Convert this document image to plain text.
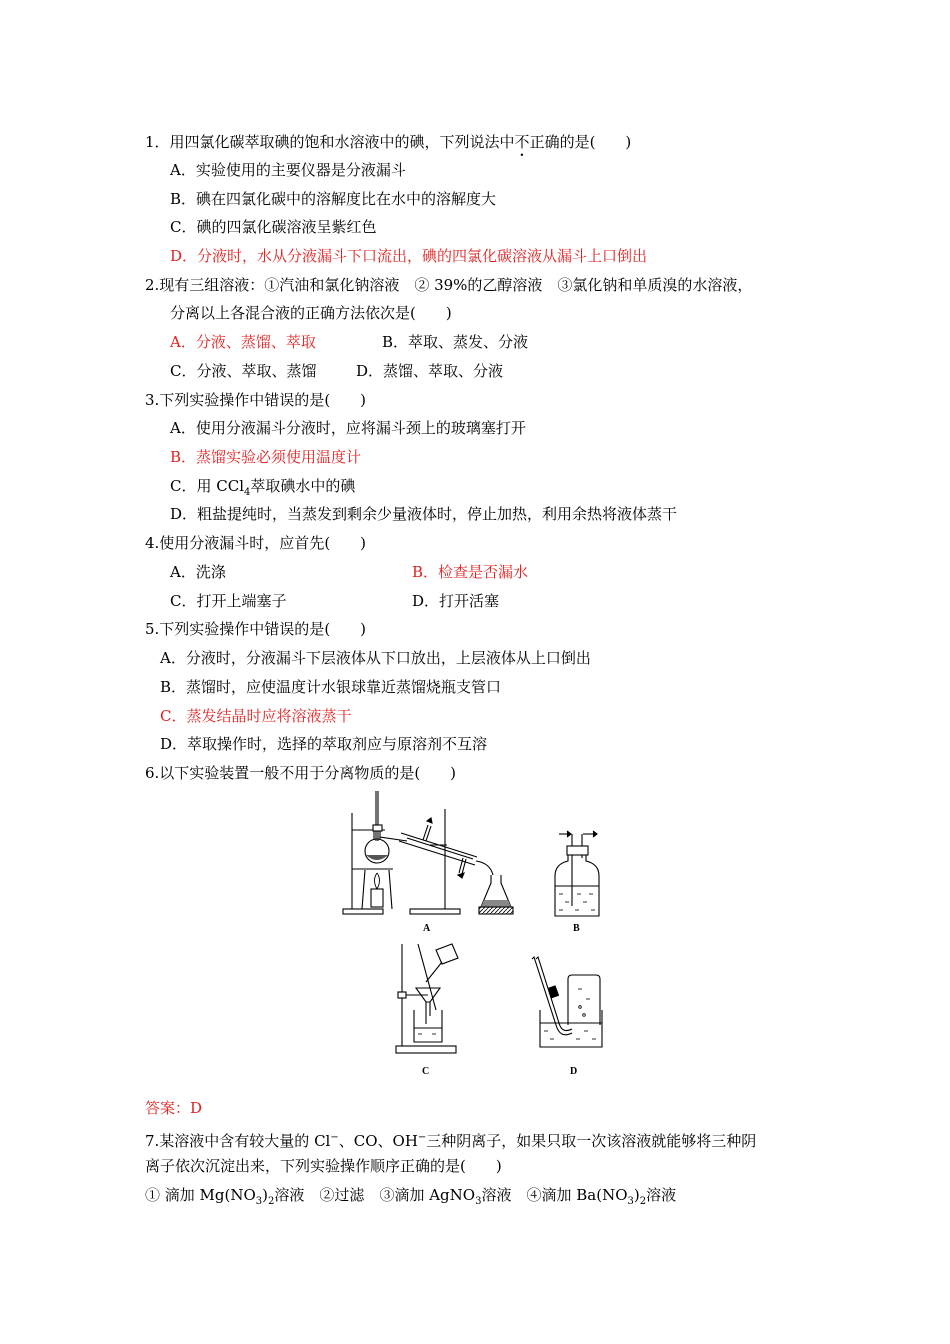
1．用四氯化碳萃取碘的饱和水溶液中的碘，下列说法中不正确的是(　　)
A．实验使用的主要仪器是分液漏斗
B．碘在四氯化碳中的溶解度比在水中的溶解度大
C．碘的四氯化碳溶液呈紫红色
D．分液时，水从分液漏斗下口流出，碘的四氯化碳溶液从漏斗上口倒出
2.现有三组溶液：①汽油和氯化钠溶液　② 39%的乙醇溶液　③氯化钠和单质溴的水溶液，
分离以上各混合液的正确方法依次是(　　)
A．分液、蒸馏、萃取	B．萃取、蒸发、分液
C．分液、萃取、蒸馏	D．蒸馏、萃取、分液
3.下列实验操作中错误的是(　　)
A．使用分液漏斗分液时，应将漏斗颈上的玻璃塞打开
B．蒸馏实验必须使用温度计
C．用 CCl$_4$萃取碘水中的碘
D．粗盐提纯时，当蒸发到剩余少量液体时，停止加热，利用余热将液体蒸干
4.使用分液漏斗时，应首先(　　)
A．洗涤	B．检查是否漏水
C．打开上端塞子	D．打开活塞
5.下列实验操作中错误的是(　　)
A．分液时，分液漏斗下层液体从下口放出，上层液体从上口倒出
B．蒸馏时，应使温度计水银球靠近蒸馏烧瓶支管口
C．蒸发结晶时应将溶液蒸干
D．萃取操作时，选择的萃取剂应与原溶剂不互溶
6.以下实验装置一般不用于分离物质的是(　　)
A	B
C	D
答案：D
7.某溶液中含有较大量的 Cl−、CO、OH−三种阴离子，如果只取一次该溶液就能够将三种阴
离子依次沉淀出来，下列实验操作顺序正确的是(　　)
① 滴加 $Mg(NO_3)_2$溶液　 ②过滤　 ③滴加 AgNO$_3$溶液　 ④滴加 $Ba(NO_3)_2$溶液
